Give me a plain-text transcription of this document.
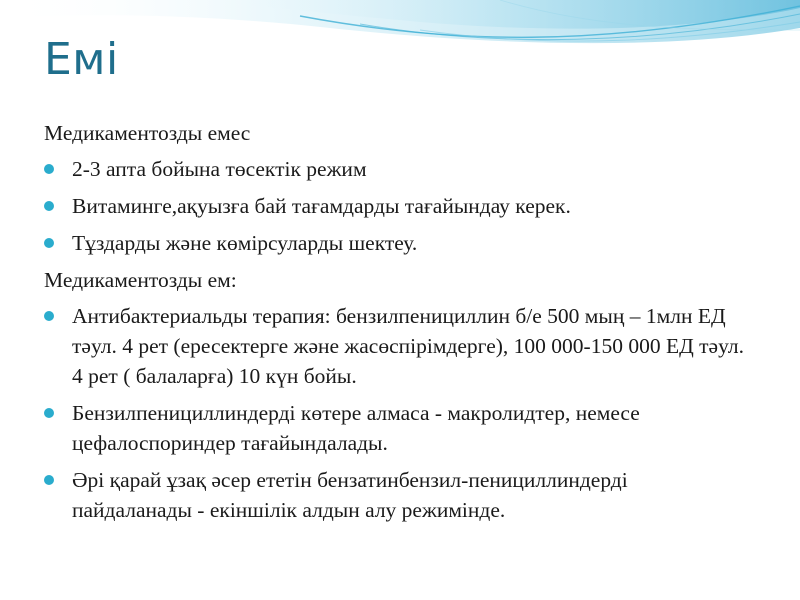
Емі
Медикаментозды емес
2-3 апта бойына төсектік режим
Витаминге,ақуызға бай тағамдарды тағайындау керек.
Тұздарды және көмірсуларды шектеу.
Медикаментозды ем:
Антибактериальды терапия: бензилпенициллин б/е 500 мың – 1млн ЕД тәул. 4 рет (ересектерге және жасөспірімдерге), 100 000-150 000 ЕД тәул. 4 рет ( балаларға) 10 күн бойы.
Бензилпенициллиндерді көтере алмаса - макролидтер, немесе цефалоспориндер тағайындалады.
Әрі қарай ұзақ әсер ететін бензатинбензил-пенициллиндерді пайдаланады - екіншілік алдын алу режимінде.
